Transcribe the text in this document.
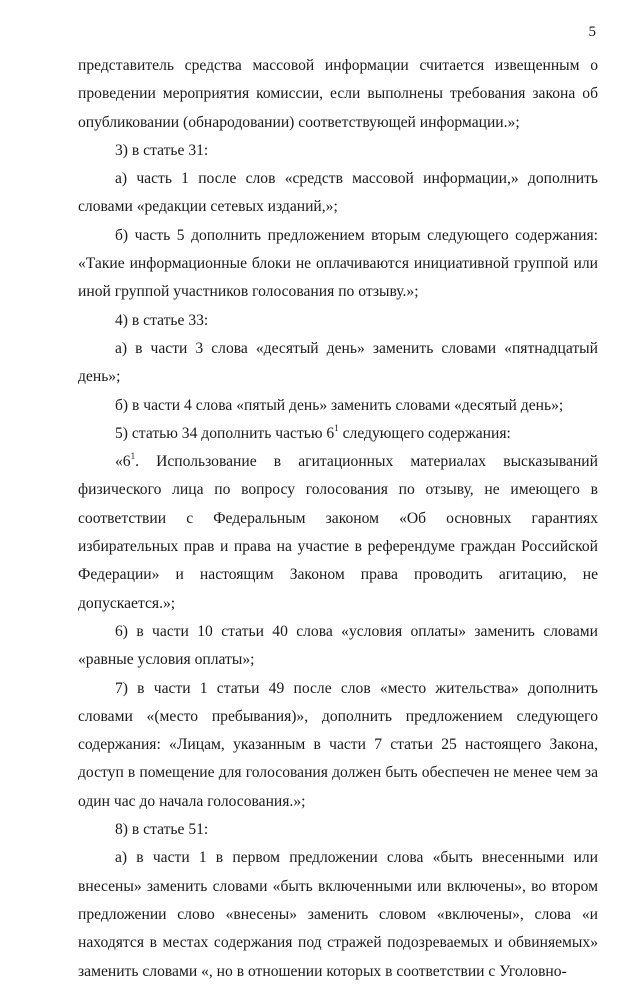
5

представитель средства массовой информации считается извещенным о проведении мероприятия комиссии, если выполнены требования закона об опубликовании (обнародовании) соответствующей информации.»;

3) в статье 31:

а) часть 1 после слов «средств массовой информации,» дополнить словами «редакции сетевых изданий,»;

б) часть 5 дополнить предложением вторым следующего содержания: «Такие информационные блоки не оплачиваются инициативной группой или иной группой участников голосования по отзыву.»;

4) в статье 33:

а) в части 3 слова «десятый день» заменить словами «пятнадцатый день»;

б) в части 4 слова «пятый день» заменить словами «десятый день»;

5) статью 34 дополнить частью $6^1$ следующего содержания:

«$6^1$. Использование в агитационных материалах высказываний физического лица по вопросу голосования по отзыву, не имеющего в соответствии с Федеральным законом «Об основных гарантиях избирательных прав и права на участие в референдуме граждан Российской Федерации» и настоящим Законом права проводить агитацию, не допускается.»;

6) в части 10 статьи 40 слова «условия оплаты» заменить словами «равные условия оплаты»;

7) в части 1 статьи 49 после слов «место жительства» дополнить словами «(место пребывания)», дополнить предложением следующего содержания: «Лицам, указанным в части 7 статьи 25 настоящего Закона, доступ в помещение для голосования должен быть обеспечен не менее чем за один час до начала голосования.»;

8) в статье 51:

а) в части 1 в первом предложении слова «быть внесенными или внесены» заменить словами «быть включенными или включены», во втором предложении слово «внесены» заменить словом «включены», слова «и находятся в местах содержания под стражей подозреваемых и обвиняемых» заменить словами «, но в отношении которых в соответствии с Уголовно-
